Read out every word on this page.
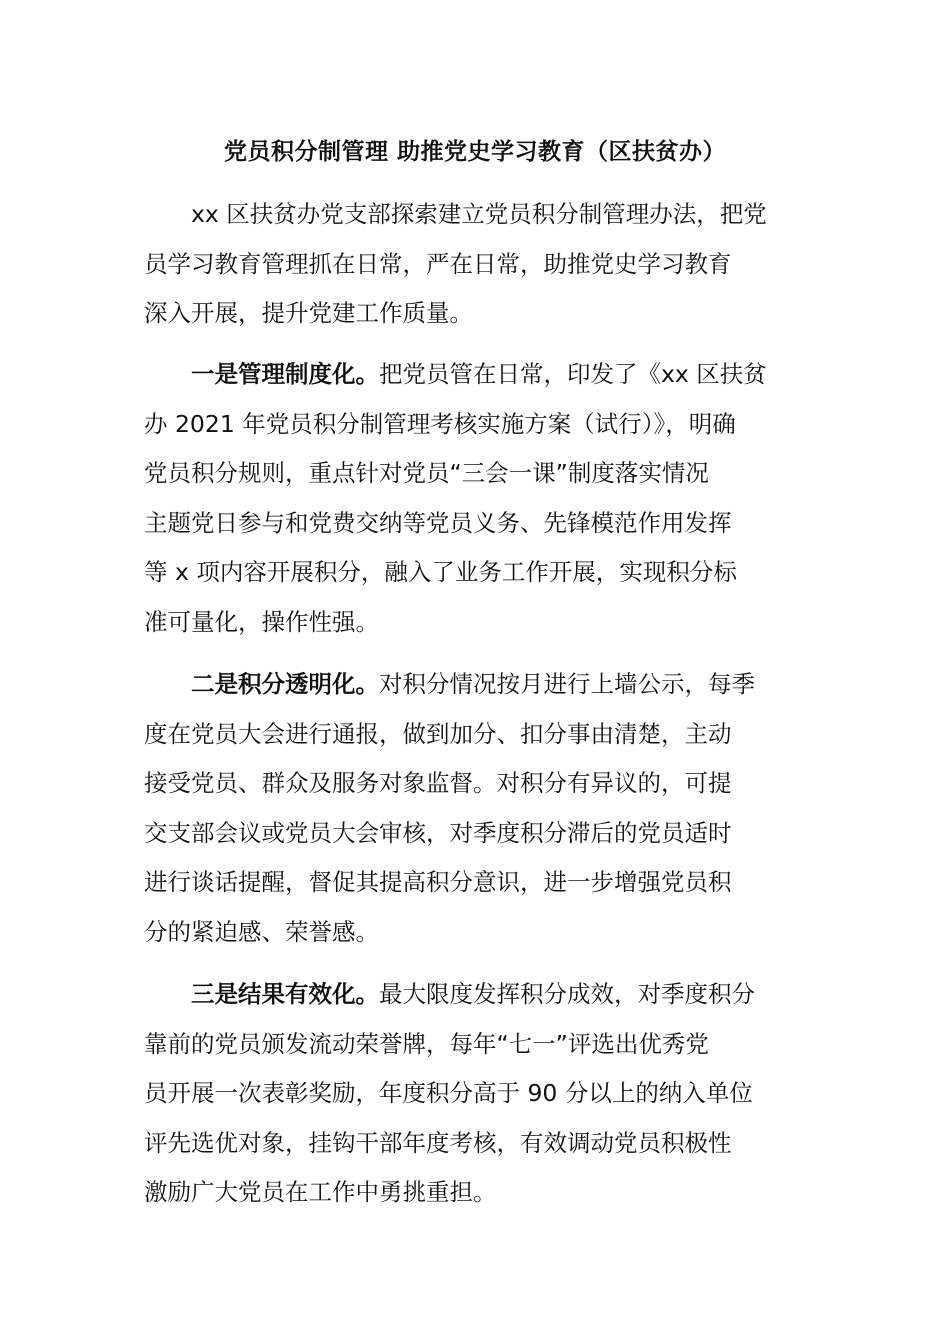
党员积分制管理 助推党史学习教育（区扶贫办）
xx 区扶贫办党支部探索建立党员积分制管理办法，把党
员学习教育管理抓在日常，严在日常，助推党史学习教育
深入开展，提升党建工作质量。
一是管理制度化。把党员管在日常，印发了《xx 区扶贫
办 2021 年党员积分制管理考核实施方案（试行）》，明确
党员积分规则，重点针对党员“三会一课”制度落实情况
主题党日参与和党费交纳等党员义务、先锋模范作用发挥
等 x 项内容开展积分，融入了业务工作开展，实现积分标
准可量化，操作性强。
二是积分透明化。对积分情况按月进行上墙公示，每季
度在党员大会进行通报，做到加分、扣分事由清楚，主动
接受党员、群众及服务对象监督。对积分有异议的，可提
交支部会议或党员大会审核，对季度积分滞后的党员适时
进行谈话提醒，督促其提高积分意识，进一步增强党员积
分的紧迫感、荣誉感。
三是结果有效化。最大限度发挥积分成效，对季度积分
靠前的党员颁发流动荣誉牌，每年“七一”评选出优秀党
员开展一次表彰奖励，年度积分高于 90 分以上的纳入单位
评先选优对象，挂钩干部年度考核，有效调动党员积极性
激励广大党员在工作中勇挑重担。
